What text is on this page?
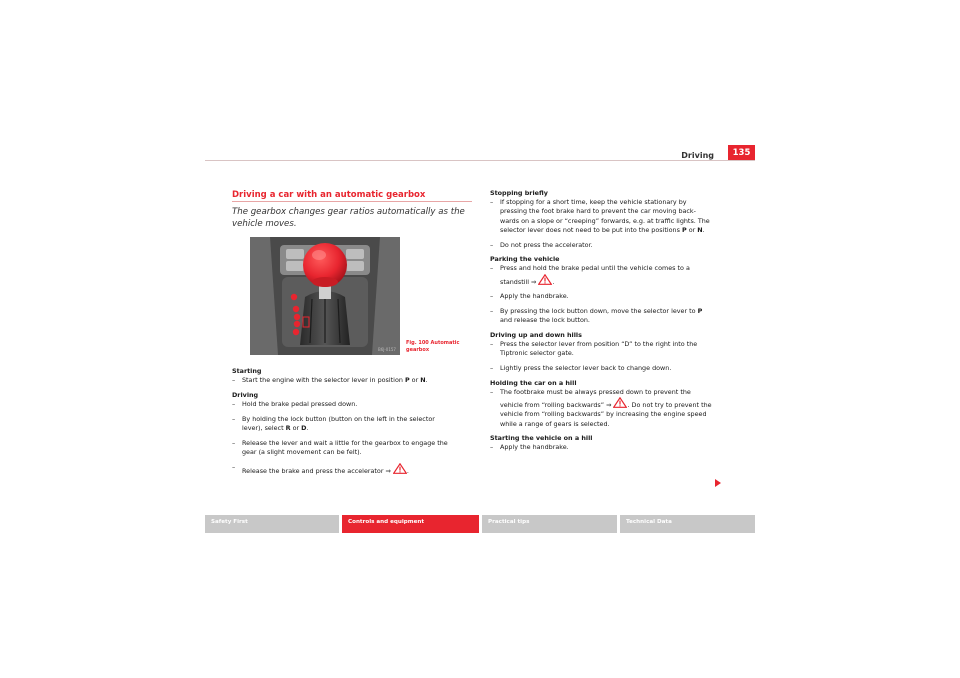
Driving	135
Driving a car with an automatic gearbox
The gearbox changes gear ratios automatically as the vehicle moves.
B6J-0157
Fig. 100 Automatic
gearbox

Starting

– Start the engine with the selector lever in position P or N.

Driving

– Hold the brake pedal pressed down.

– By holding the lock button (button on the left in the selector
lever), select R or D.

– Release the lever and wait a little for the gearbox to engage the
gear (a slight movement can be felt).

– Release the brake and press the accelerator ⇒ .

Stopping briefly

– If stopping for a short time, keep the vehicle stationary by
pressing the foot brake hard to prevent the car moving back-
wards on a slope or “creeping” forwards, e.g. at traffic lights. The
selector lever does not need to be put into the positions P or N.

– Do not press the accelerator.

Parking the vehicle

– Press and hold the brake pedal until the vehicle comes to a
standstill ⇒ .

– Apply the handbrake.

– By pressing the lock button down, move the selector lever to P
and release the lock button.

Driving up and down hills

– Press the selector lever from position “D” to the right into the
Tiptronic selector gate.

– Lightly press the selector lever back to change down.

Holding the car on a hill

– The footbrake must be always pressed down to prevent the
vehicle from “rolling backwards” ⇒ . Do not try to prevent the
vehicle from “rolling backwards” by increasing the engine speed
while a range of gears is selected.

Starting the vehicle on a hill

– Apply the handbrake.

Safety First	Controls and equipment	Practical tips	Technical Data
